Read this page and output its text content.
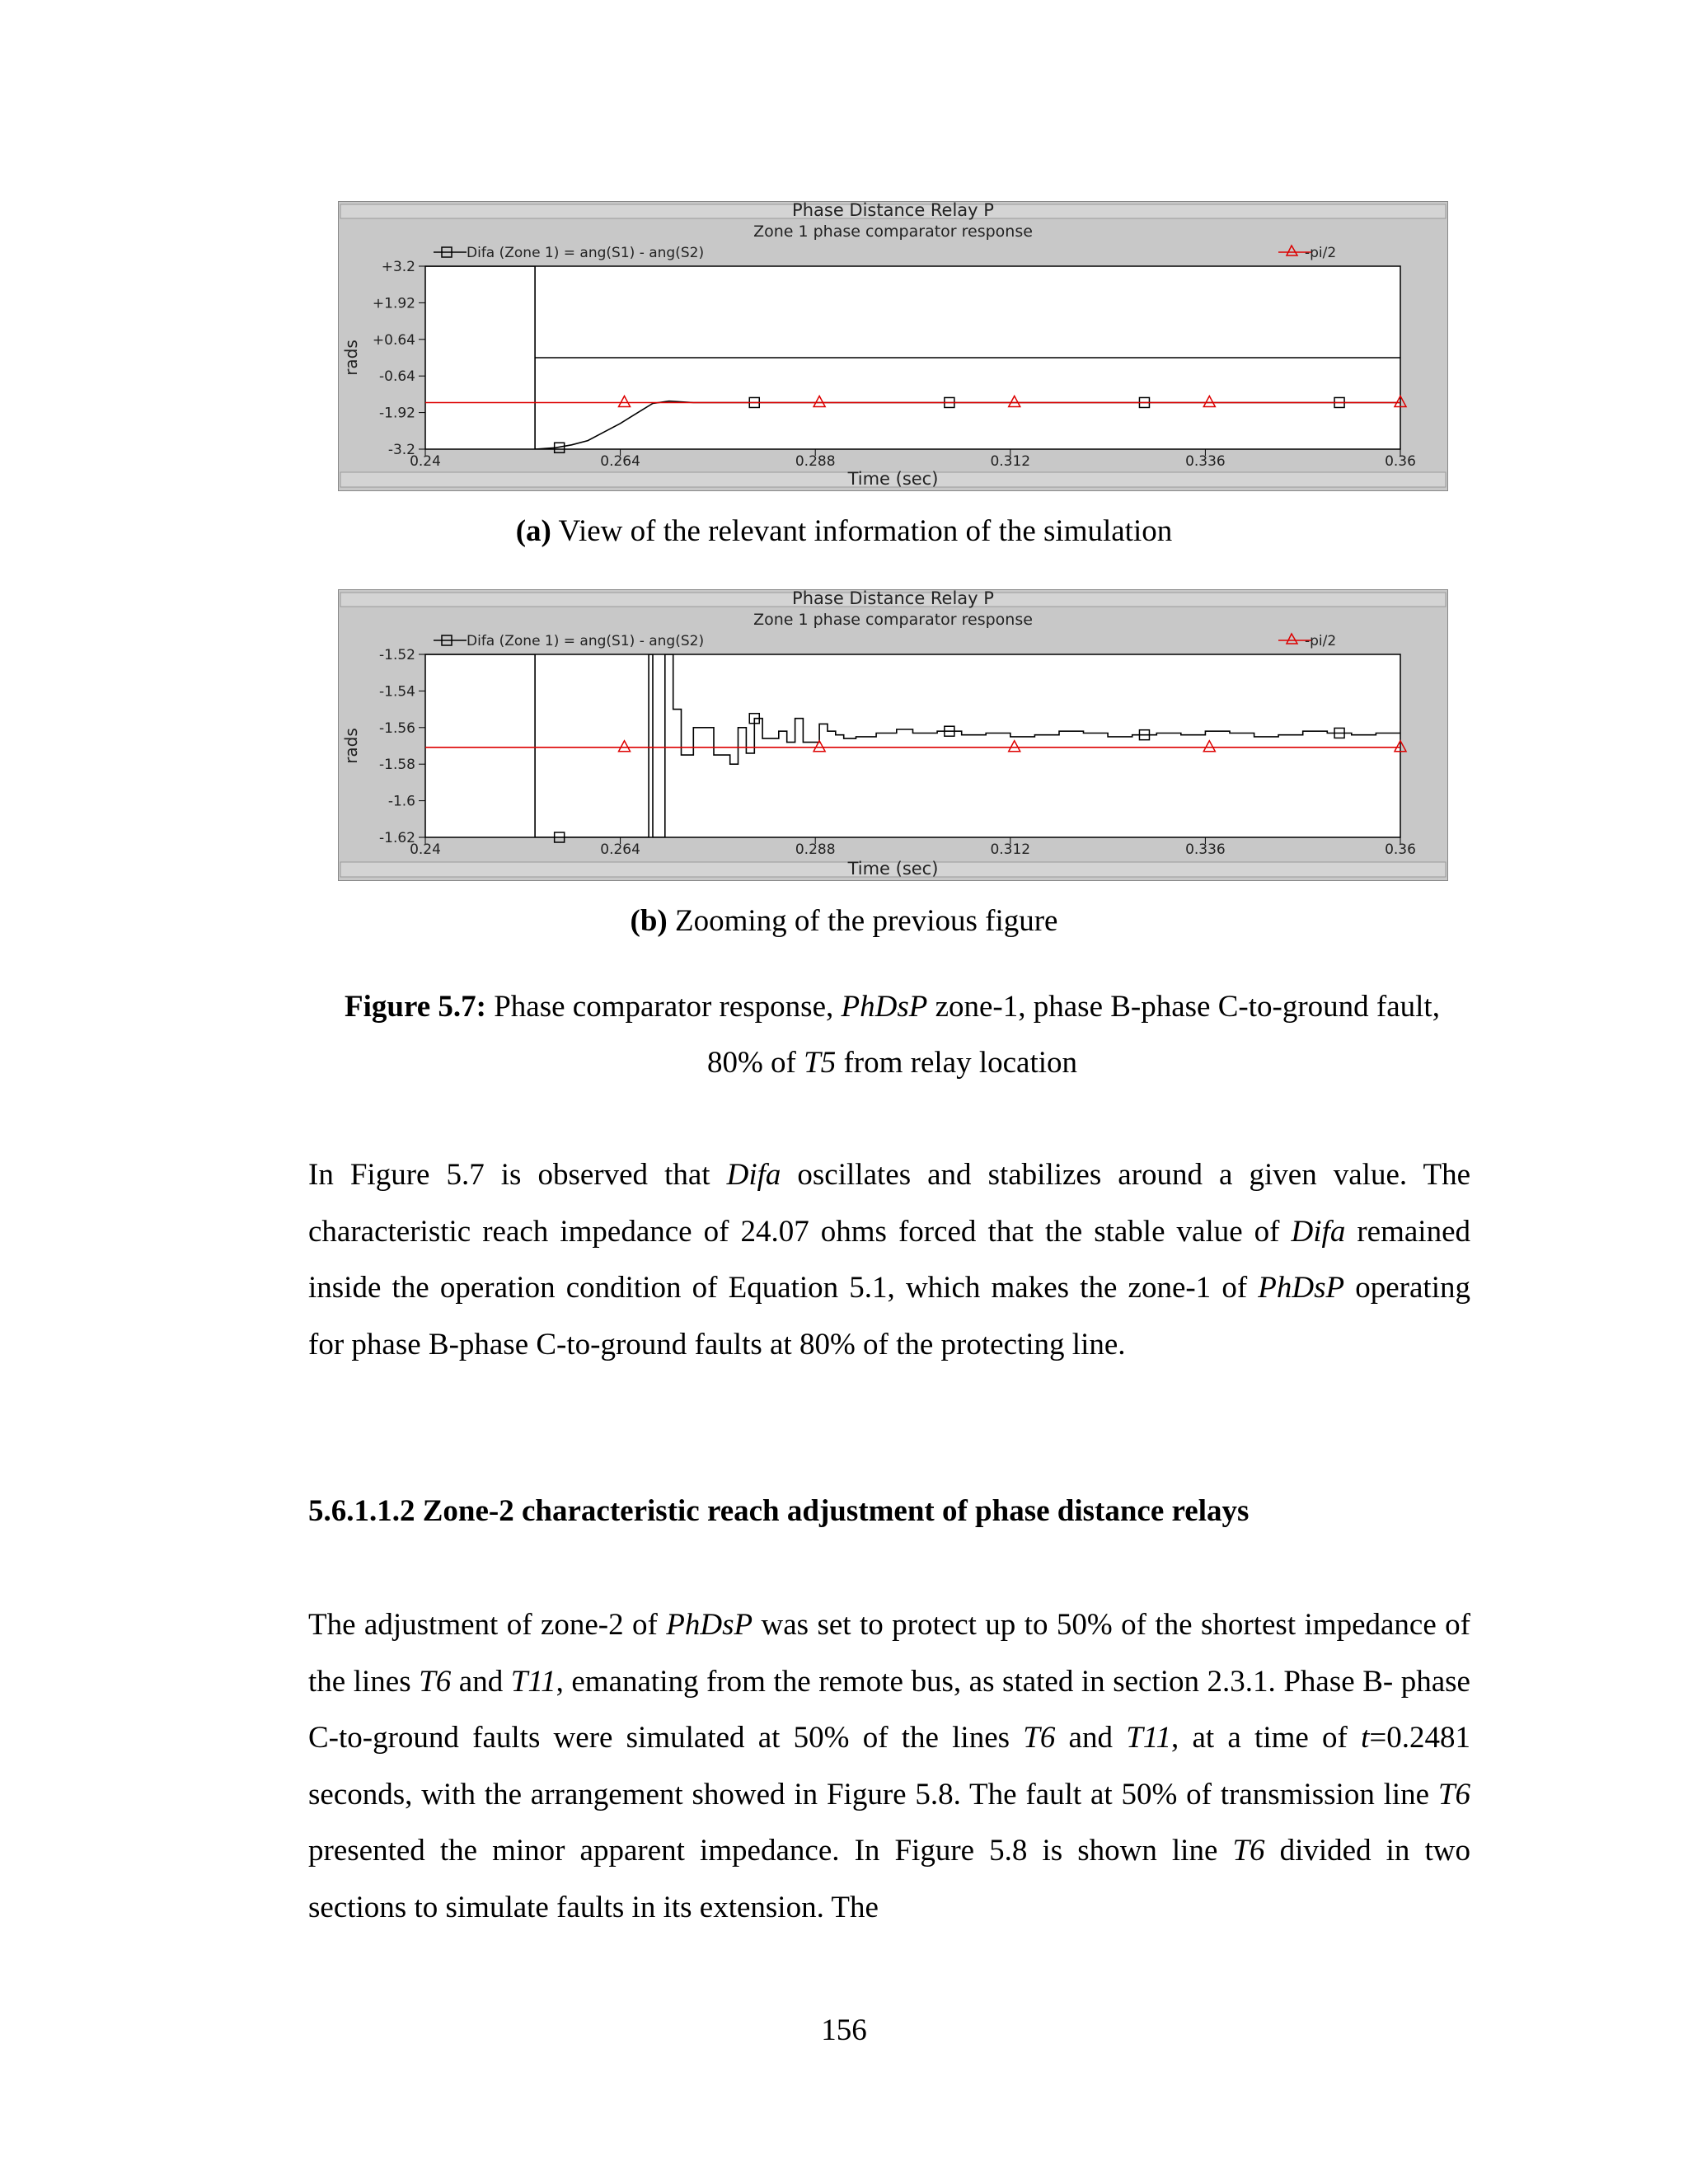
Phase Distance Relay P
Zone 1 phase comparator response
+3.2
+1.92
+0.64
-0.64
-1.92
-3.2
0.24	0.264	0.288	0.312	0.336	0.36
Time (sec)
rads
Difa (Zone 1) = ang(S1) - ang(S2)	-pi/2
(a) View of the relevant information of the simulation
Phase Distance Relay P
Zone 1 phase comparator response
-1.52
-1.54
-1.56
-1.58
-1.6
-1.62
0.24	0.264	0.288	0.312	0.336	0.36
Time (sec)
rads
Difa (Zone 1) = ang(S1) - ang(S2)	-pi/2
(b) Zooming of the previous figure
Figure 5.7: Phase comparator response, PhDsP zone-1, phase B-phase C-to-ground fault, 80% of T5 from relay location
In Figure 5.7 is observed that Difa oscillates and stabilizes around a given value. The characteristic reach impedance of 24.07 ohms forced that the stable value of Difa remained inside the operation condition of Equation 5.1, which makes the zone-1 of PhDsP operating for phase B-phase C-to-ground faults at 80% of the protecting line.
5.6.1.1.2 Zone-2 characteristic reach adjustment of phase distance relays
The adjustment of zone-2 of PhDsP was set to protect up to 50% of the shortest impedance of the lines T6 and T11, emanating from the remote bus, as stated in section 2.3.1. Phase B- phase C-to-ground faults were simulated at 50% of the lines T6 and T11, at a time of t=0.2481 seconds, with the arrangement showed in Figure 5.8. The fault at 50% of transmission line T6 presented the minor apparent impedance. In Figure 5.8 is shown line T6 divided in two sections to simulate faults in its extension. The
156
